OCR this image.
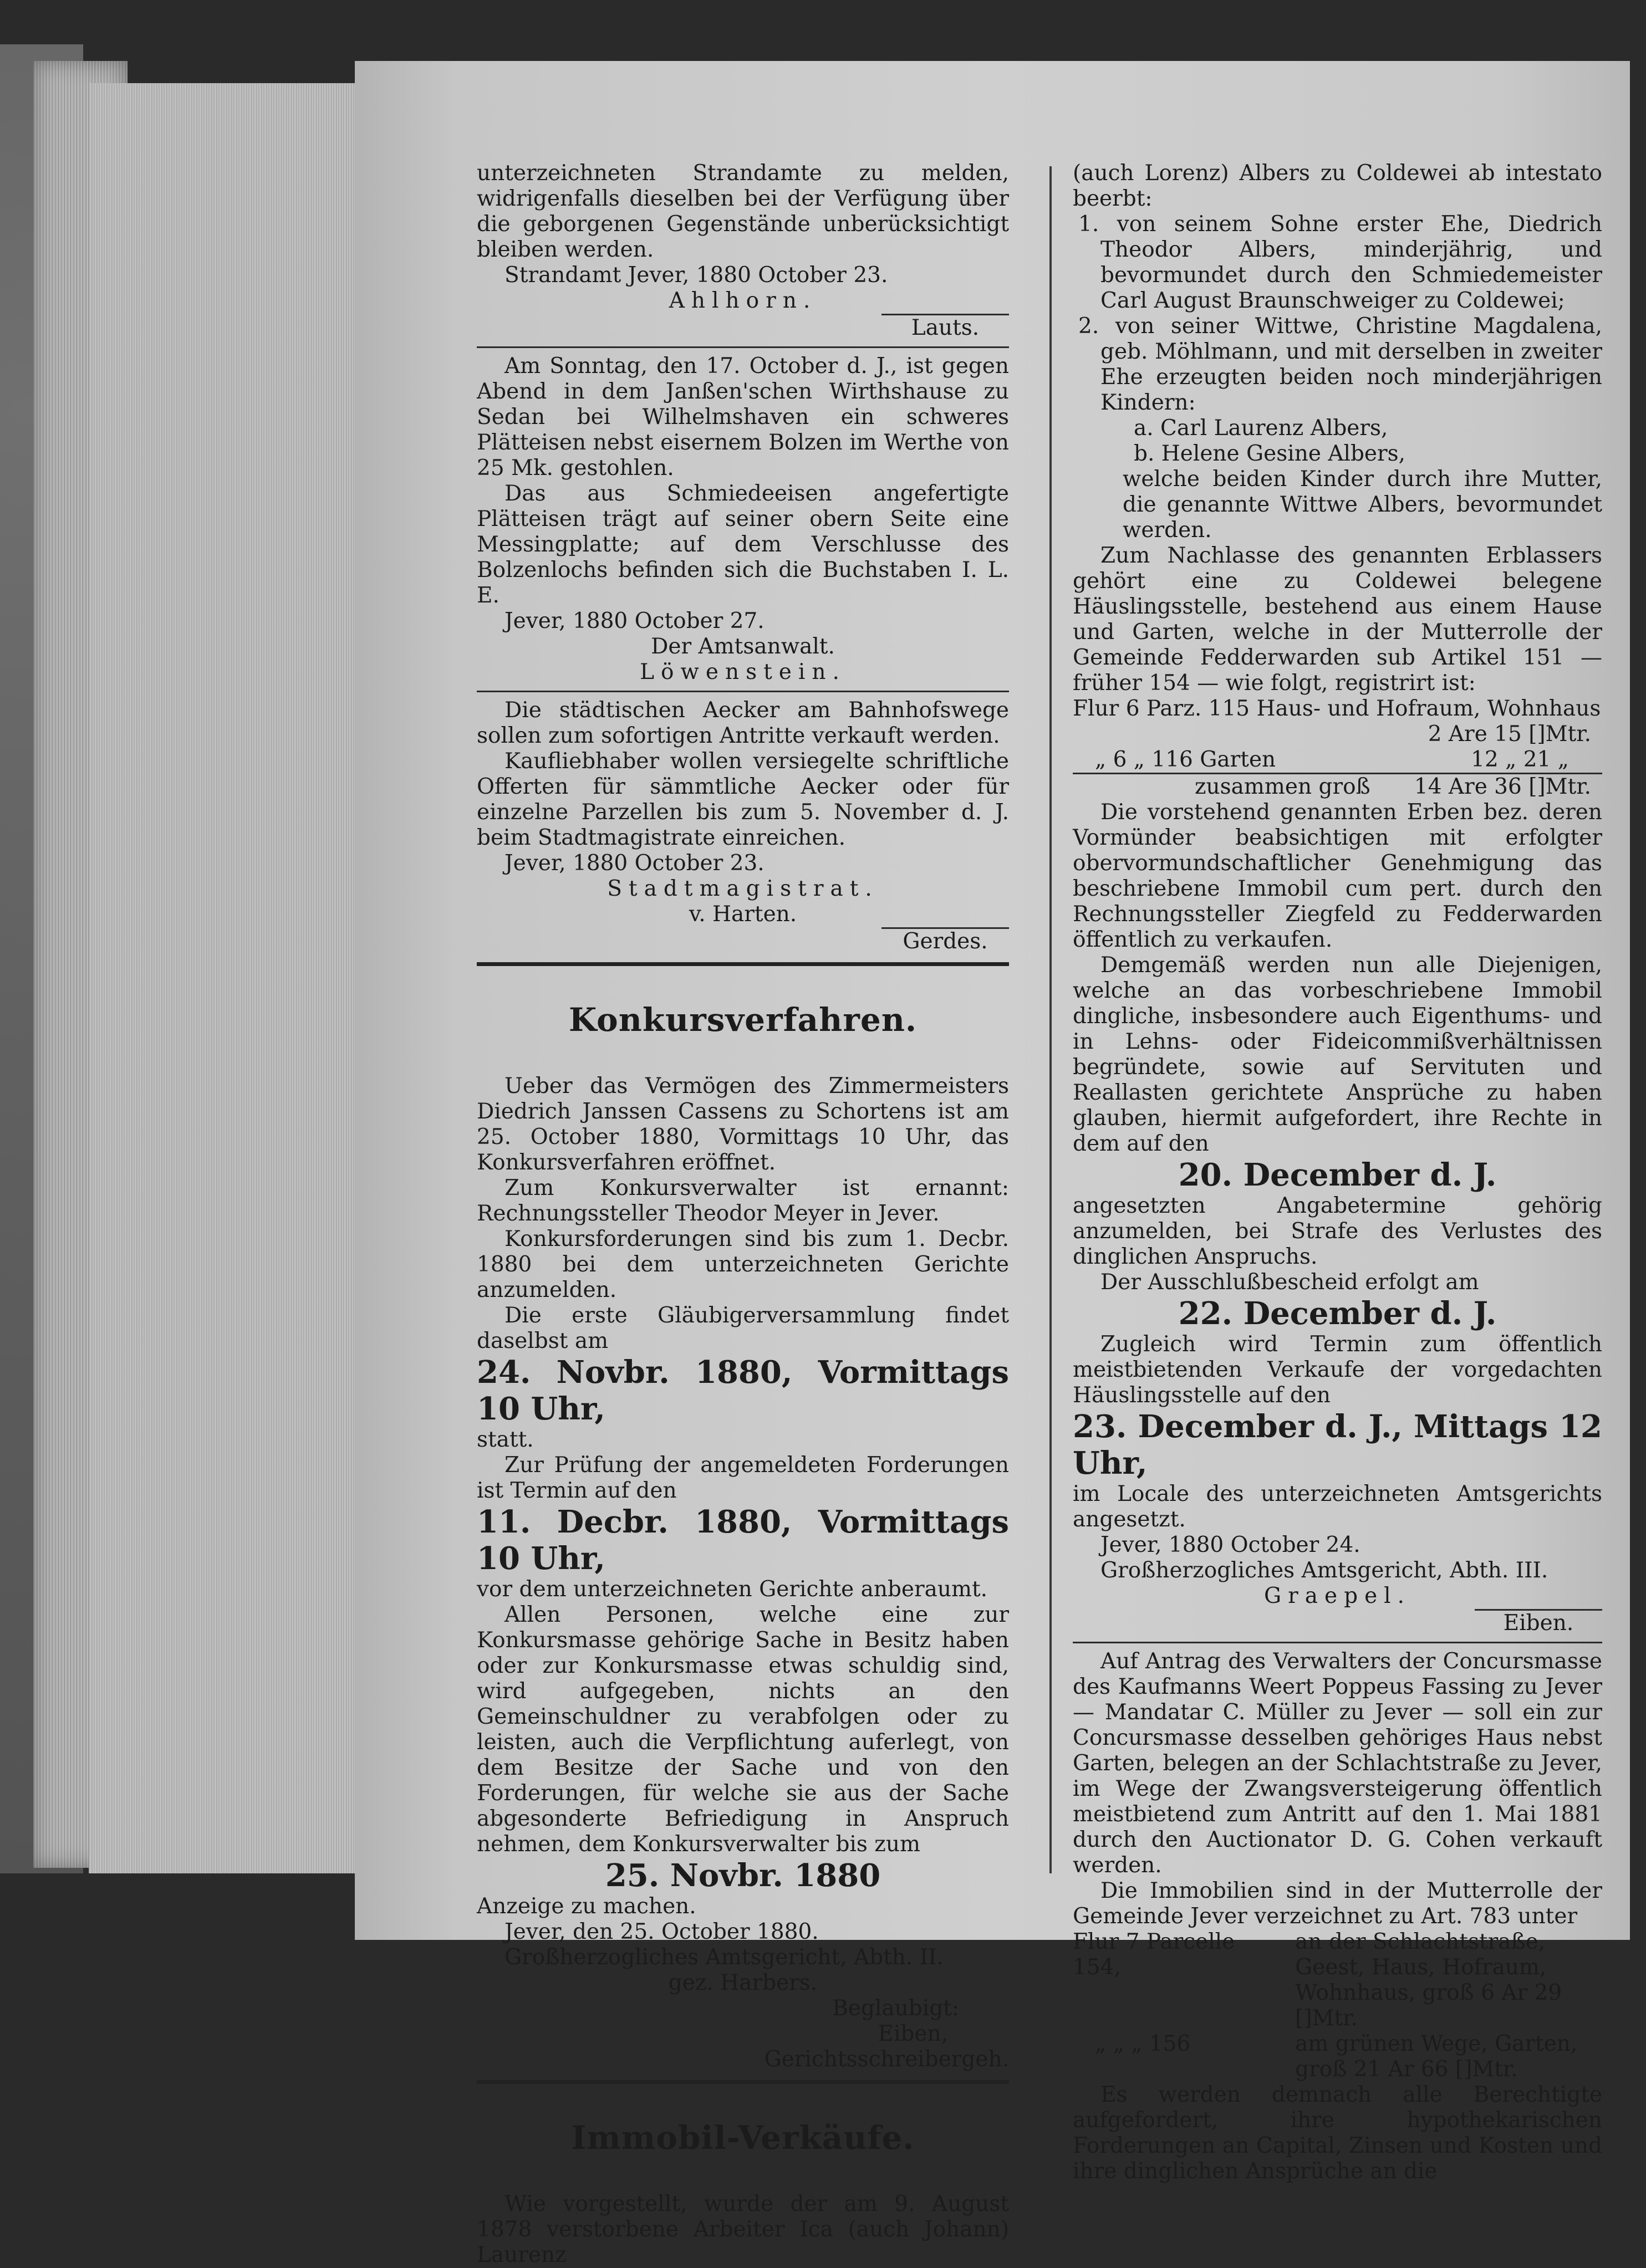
unterzeichneten Strandamte zu melden, widrigenfalls dieselben bei der Verfügung über die geborgenen Gegenstände unberücksichtigt bleiben werden.

Strandamt Jever, 1880 October 23.

Ahlhorn.

Lauts.

Am Sonntag, den 17. October d. J., ist gegen Abend in dem Janßen'schen Wirthshause zu Sedan bei Wilhelmshaven ein schweres Plätteisen nebst eisernem Bolzen im Werthe von 25 Mk. gestohlen.

Das aus Schmiedeeisen angefertigte Plätteisen trägt auf seiner obern Seite eine Messingplatte; auf dem Verschlusse des Bolzenlochs befinden sich die Buchstaben I. L. E.

Jever, 1880 October 27.

Der Amtsanwalt.

Löwenstein.

Die städtischen Aecker am Bahnhofswege sollen zum sofortigen Antritte verkauft werden.

Kaufliebhaber wollen versiegelte schriftliche Offerten für sämmtliche Aecker oder für einzelne Parzellen bis zum 5. November d. J. beim Stadtmagistrate einreichen.

Jever, 1880 October 23.

Stadtmagistrat.

v. Harten.

Gerdes.

Konkursverfahren.

Ueber das Vermögen des Zimmermeisters Diedrich Janssen Cassens zu Schortens ist am 25. October 1880, Vormittags 10 Uhr, das Konkursverfahren eröffnet.

Zum Konkursverwalter ist ernannt: Rechnungssteller Theodor Meyer in Jever.

Konkursforderungen sind bis zum 1. Decbr. 1880 bei dem unterzeichneten Gerichte anzumelden.

Die erste Gläubigerversammlung findet daselbst am

24. Novbr. 1880, Vormittags 10 Uhr,

statt.

Zur Prüfung der angemeldeten Forderungen ist Termin auf den

11. Decbr. 1880, Vormittags 10 Uhr,

vor dem unterzeichneten Gerichte anberaumt.

Allen Personen, welche eine zur Konkursmasse gehörige Sache in Besitz haben oder zur Konkursmasse etwas schuldig sind, wird aufgegeben, nichts an den Gemeinschuldner zu verabfolgen oder zu leisten, auch die Verpflichtung auferlegt, von dem Besitze der Sache und von den Forderungen, für welche sie aus der Sache abgesonderte Befriedigung in Anspruch nehmen, dem Konkursverwalter bis zum

25. Novbr. 1880

Anzeige zu machen.

Jever, den 25. October 1880.

Großherzogliches Amtsgericht, Abth. II.

gez. Harbers.

Beglaubigt:

Eiben,

Gerichtsschreibergeh.

Immobil-Verkäufe.

Wie vorgestellt, wurde der am 9. August 1878 verstorbene Arbeiter Ica (auch Johann) Laurenz

(auch Lorenz) Albers zu Coldewei ab intestato beerbt:

1. von seinem Sohne erster Ehe, Diedrich Theodor Albers, minderjährig, und bevormundet durch den Schmiedemeister Carl August Braunschweiger zu Coldewei;

2. von seiner Wittwe, Christine Magdalena, geb. Möhlmann, und mit derselben in zweiter Ehe erzeugten beiden noch minderjährigen Kindern:

a. Carl Laurenz Albers,

b. Helene Gesine Albers,

welche beiden Kinder durch ihre Mutter, die genannte Wittwe Albers, bevormundet werden.

Zum Nachlasse des genannten Erblassers gehört eine zu Coldewei belegene Häuslingsstelle, bestehend aus einem Hause und Garten, welche in der Mutterrolle der Gemeinde Fedderwarden sub Artikel 151 — früher 154 — wie folgt, registrirt ist:

Flur 6 Parz. 115 Haus- und Hofraum, Wohnhaus

2 Are 15 []Mtr.

„ 6 „ 116 Garten	12 „ 21 „
zusammen groß 14 Are 36 []Mtr.

Die vorstehend genannten Erben bez. deren Vormünder beabsichtigen mit erfolgter obervormundschaftlicher Genehmigung das beschriebene Immobil cum pert. durch den Rechnungssteller Ziegfeld zu Fedderwarden öffentlich zu verkaufen.

Demgemäß werden nun alle Diejenigen, welche an das vorbeschriebene Immobil dingliche, insbesondere auch Eigenthums- und in Lehns- oder Fideicommißverhältnissen begründete, sowie auf Servituten und Reallasten gerichtete Ansprüche zu haben glauben, hiermit aufgefordert, ihre Rechte in dem auf den

20. December d. J.

angesetzten Angabetermine gehörig anzumelden, bei Strafe des Verlustes des dinglichen Anspruchs.

Der Ausschlußbescheid erfolgt am

22. December d. J.

Zugleich wird Termin zum öffentlich meistbietenden Verkaufe der vorgedachten Häuslingsstelle auf den

23. December d. J., Mittags 12 Uhr,

im Locale des unterzeichneten Amtsgerichts angesetzt.

Jever, 1880 October 24.

Großherzogliches Amtsgericht, Abth. III.

Graepel.

Eiben.

Auf Antrag des Verwalters der Concursmasse des Kaufmanns Weert Poppeus Fassing zu Jever — Mandatar C. Müller zu Jever — soll ein zur Concursmasse desselben gehöriges Haus nebst Garten, belegen an der Schlachtstraße zu Jever, im Wege der Zwangsversteigerung öffentlich meistbietend zum Antritt auf den 1. Mai 1881 durch den Auctionator D. G. Cohen verkauft werden.

Die Immobilien sind in der Mutterrolle der Gemeinde Jever verzeichnet zu Art. 783 unter

Flur 7 Parcelle 154,
an der Schlachtstraße, Geest, Haus, Hofraum, Wohnhaus, groß 6 Ar 29 []Mtr.
„ „ „ 156	am grünen Wege, Garten, groß 21 Ar 66 []Mtr.

Es werden demnach alle Berechtigte aufgefordert, ihre hypothekarischen Forderungen an Capital, Zinsen und Kosten und ihre dinglichen Ansprüche an die
